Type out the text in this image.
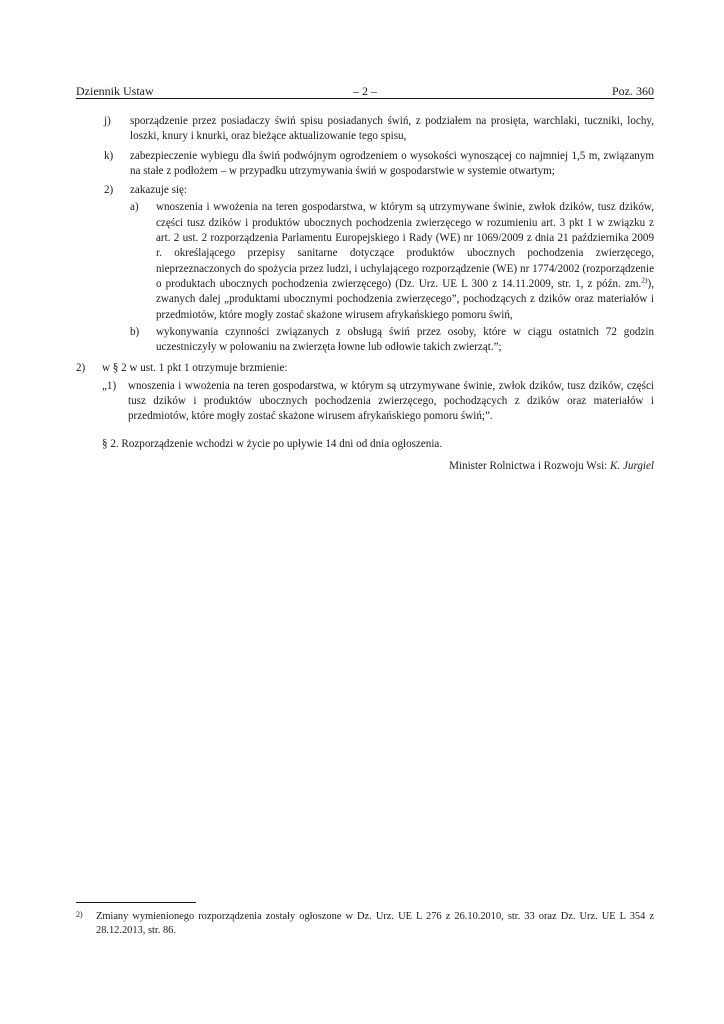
Dziennik Ustaw	– 2 –	Poz. 360
j) sporządzenie przez posiadaczy świń spisu posiadanych świń, z podziałem na prosięta, warchlaki, tuczniki, lochy, loszki, knury i knurki, oraz bieżące aktualizowanie tego spisu,
k) zabezpieczenie wybiegu dla świń podwójnym ogrodzeniem o wysokości wynoszącej co najmniej 1,5 m, związanym na stałe z podłożem – w przypadku utrzymywania świń w gospodarstwie w systemie otwartym;
2) zakazuje się:
a) wnoszenia i wwożenia na teren gospodarstwa, w którym są utrzymywane świnie, zwłok dzików, tusz dzików, części tusz dzików i produktów ubocznych pochodzenia zwierzęcego w rozumieniu art. 3 pkt 1 w związku z art. 2 ust. 2 rozporządzenia Parlamentu Europejskiego i Rady (WE) nr 1069/2009 z dnia 21 października 2009 r. określającego przepisy sanitarne dotyczące produktów ubocznych pochodzenia zwierzęcego, nieprzeznaczonych do spożycia przez ludzi, i uchylającego rozporządzenie (WE) nr 1774/2002 (rozporządzenie o produktach ubocznych pochodzenia zwierzęcego) (Dz. Urz. UE L 300 z 14.11.2009, str. 1, z późn. zm.$^{2)}$), zwanych dalej „produktami ubocznymi pochodzenia zwierzęcego”, pochodzących z dzików oraz materiałów i przedmiotów, które mogły zostać skażone wirusem afrykańskiego pomoru świń,
b) wykonywania czynności związanych z obsługą świń przez osoby, które w ciągu ostatnich 72 godzin uczestniczyły w polowaniu na zwierzęta łowne lub odłowie takich zwierząt.”;
2) w § 2 w ust. 1 pkt 1 otrzymuje brzmienie:
„1) wnoszenia i wwożenia na teren gospodarstwa, w którym są utrzymywane świnie, zwłok dzików, tusz dzików, części tusz dzików i produktów ubocznych pochodzenia zwierzęcego, pochodzących z dzików oraz materiałów i przedmiotów, które mogły zostać skażone wirusem afrykańskiego pomoru świń;”.

§ 2. Rozporządzenie wchodzi w życie po upływie 14 dni od dnia ogłoszenia.

Minister Rolnictwa i Rozwoju Wsi: K. Jurgiel
2) Zmiany wymienionego rozporządzenia zostały ogłoszone w Dz. Urz. UE L 276 z 26.10.2010, str. 33 oraz Dz. Urz. UE L 354 z 28.12.2013, str. 86.
